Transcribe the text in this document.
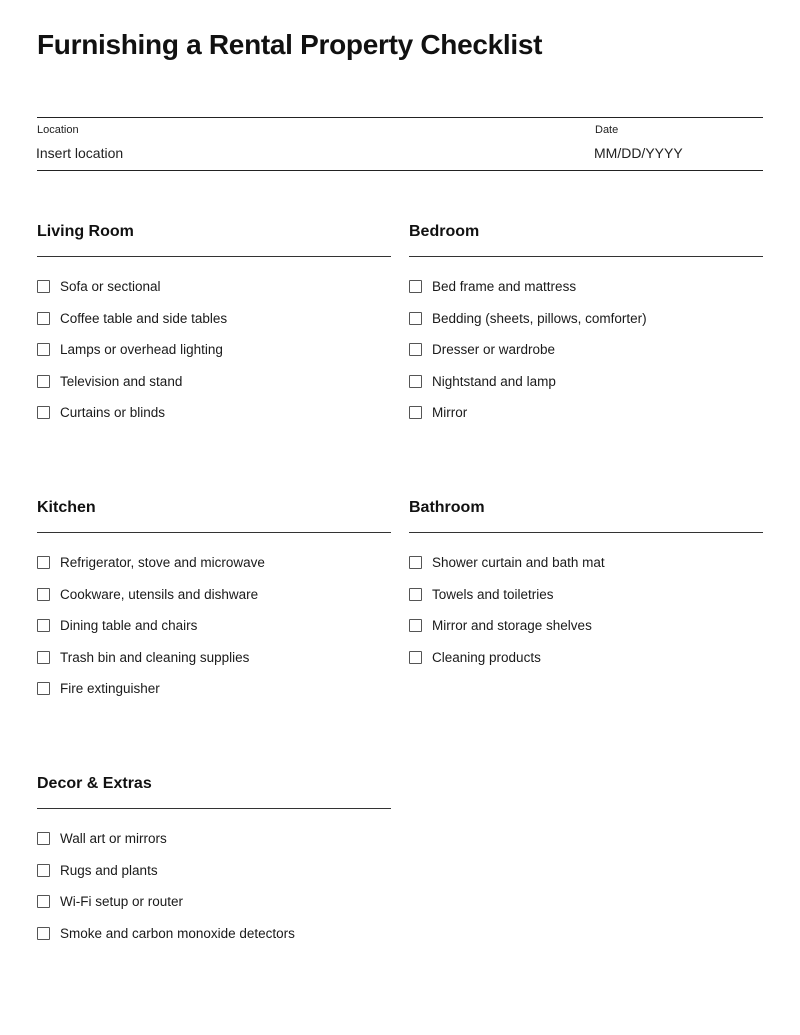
Furnishing a Rental Property Checklist
Location
Insert location
Date
MM/DD/YYYY
Living Room
Sofa or sectional
Coffee table and side tables
Lamps or overhead lighting
Television and stand
Curtains or blinds
Bedroom
Bed frame and mattress
Bedding (sheets, pillows, comforter)
Dresser or wardrobe
Nightstand and lamp
Mirror
Kitchen
Refrigerator, stove and microwave
Cookware, utensils and dishware
Dining table and chairs
Trash bin and cleaning supplies
Fire extinguisher
Bathroom
Shower curtain and bath mat
Towels and toiletries
Mirror and storage shelves
Cleaning products
Decor & Extras
Wall art or mirrors
Rugs and plants
Wi-Fi setup or router
Smoke and carbon monoxide detectors
